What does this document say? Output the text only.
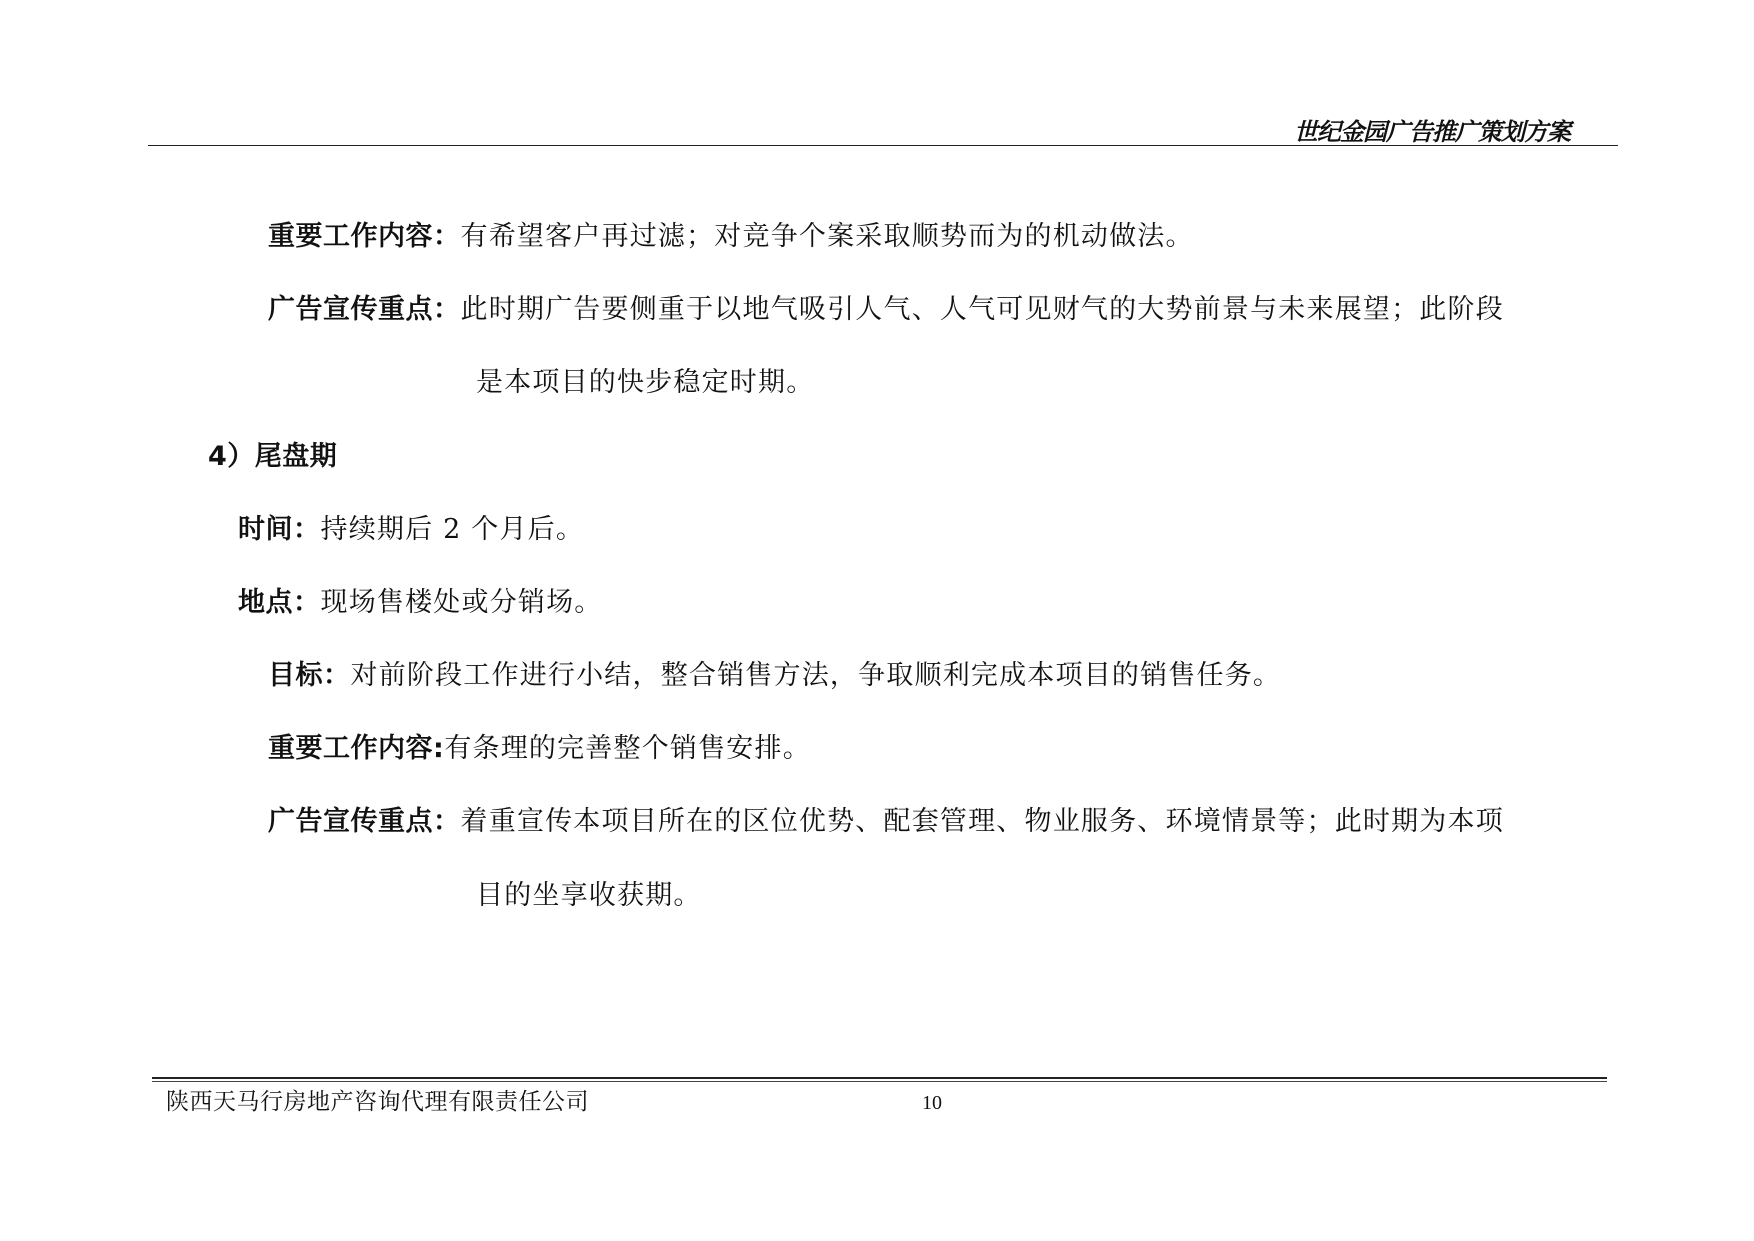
世纪金园广告推广策划方案
重要工作内容：有希望客户再过滤；对竞争个案采取顺势而为的机动做法。
广告宣传重点：此时期广告要侧重于以地气吸引人气、人气可见财气的大势前景与未来展望；此阶段
是本项目的快步稳定时期。
4）尾盘期
时间：持续期后 2 个月后。
地点：现场售楼处或分销场。
目标：对前阶段工作进行小结，整合销售方法，争取顺利完成本项目的销售任务。
重要工作内容:有条理的完善整个销售安排。
广告宣传重点：着重宣传本项目所在的区位优势、配套管理、物业服务、环境情景等；此时期为本项
目的坐享收获期。
陕西天马行房地产咨询代理有限责任公司	10
